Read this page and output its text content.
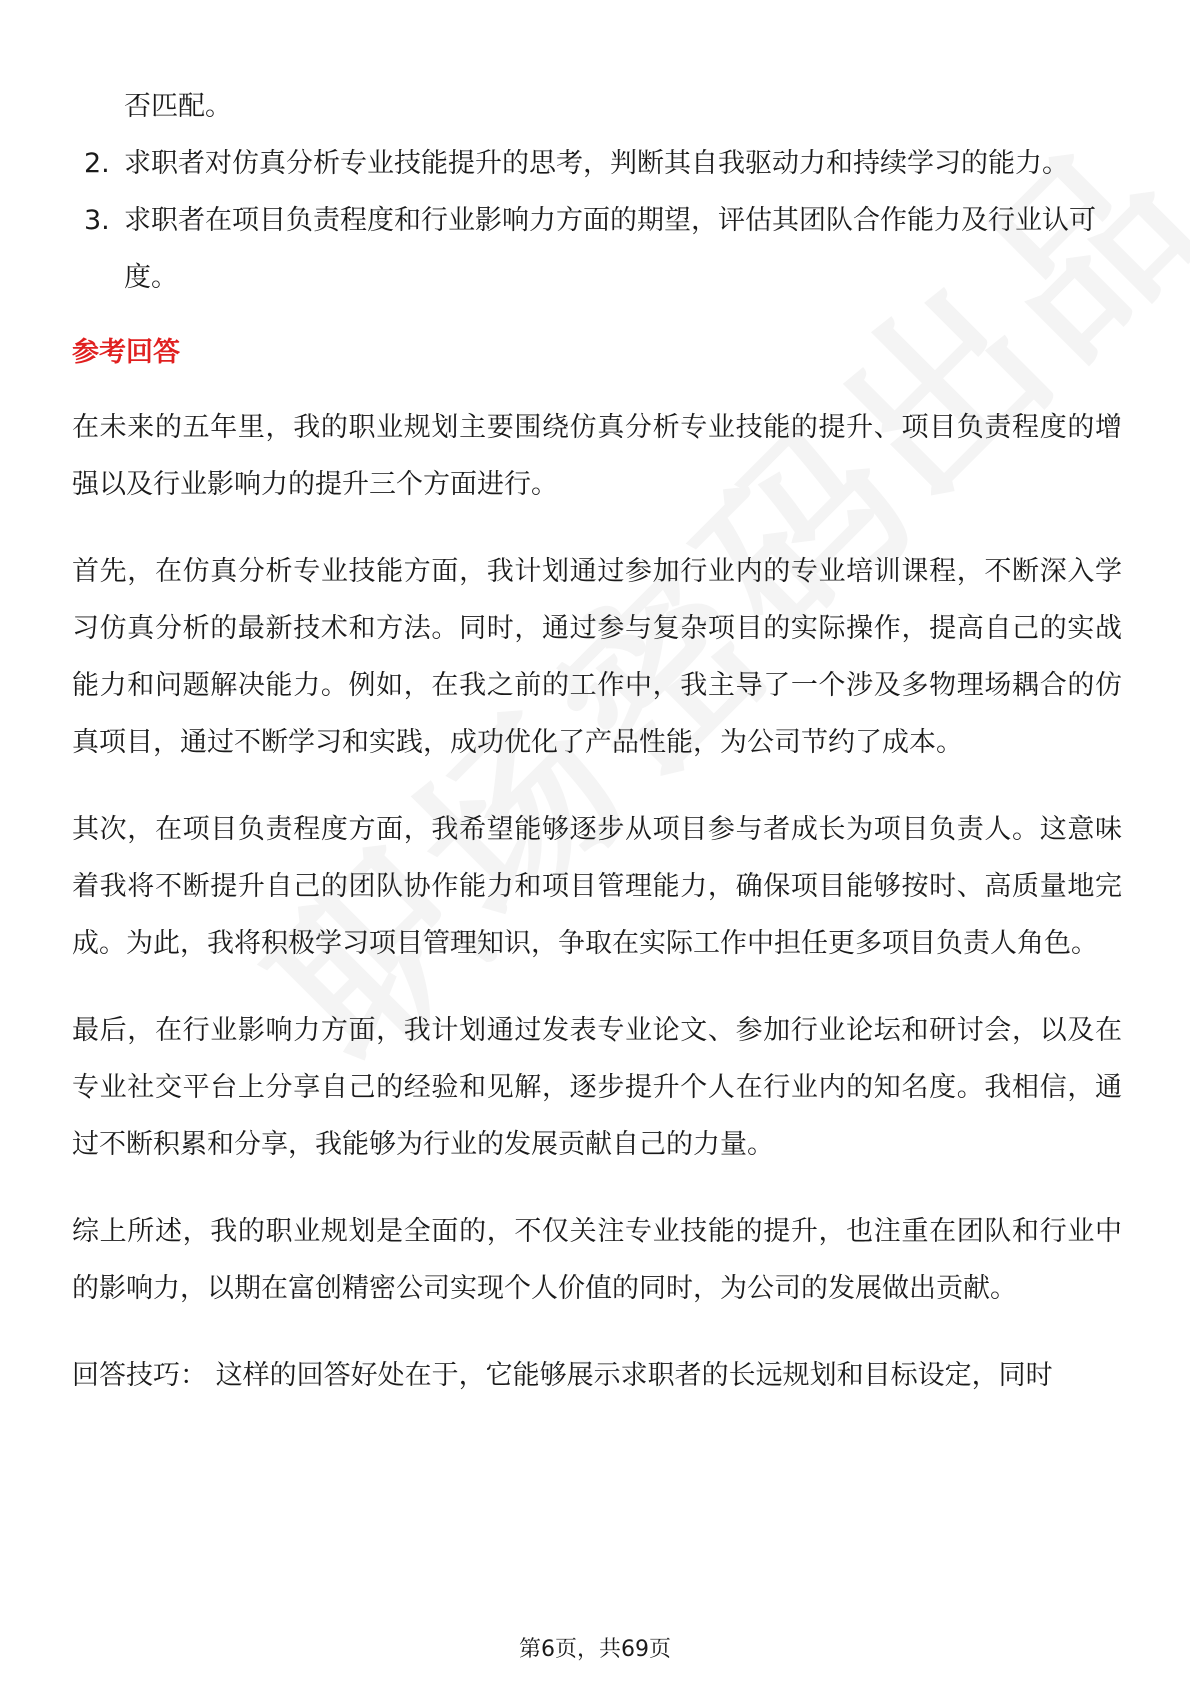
否匹配。
2. 求职者对仿真分析专业技能提升的思考，判断其自我驱动力和持续学习的能力。
3. 求职者在项目负责程度和行业影响力方面的期望，评估其团队合作能力及行业认可度。
参考回答

在未来的五年里，我的职业规划主要围绕仿真分析专业技能的提升、项目负责程度的增强以及行业影响力的提升三个方面进行。

首先，在仿真分析专业技能方面，我计划通过参加行业内的专业培训课程，不断深入学习仿真分析的最新技术和方法。同时，通过参与复杂项目的实际操作，提高自己的实战能力和问题解决能力。例如，在我之前的工作中，我主导了一个涉及多物理场耦合的仿真项目，通过不断学习和实践，成功优化了产品性能，为公司节约了成本。

其次，在项目负责程度方面，我希望能够逐步从项目参与者成长为项目负责人。这意味着我将不断提升自己的团队协作能力和项目管理能力，确保项目能够按时、高质量地完成。为此，我将积极学习项目管理知识，争取在实际工作中担任更多项目负责人角色。

最后，在行业影响力方面，我计划通过发表专业论文、参加行业论坛和研讨会，以及在专业社交平台上分享自己的经验和见解，逐步提升个人在行业内的知名度。我相信，通过不断积累和分享，我能够为行业的发展贡献自己的力量。

综上所述，我的职业规划是全面的，不仅关注专业技能的提升，也注重在团队和行业中的影响力，以期在富创精密公司实现个人价值的同时，为公司的发展做出贡献。

回答技巧： 这样的回答好处在于，它能够展示求职者的长远规划和目标设定，同时

第6页，共69页
